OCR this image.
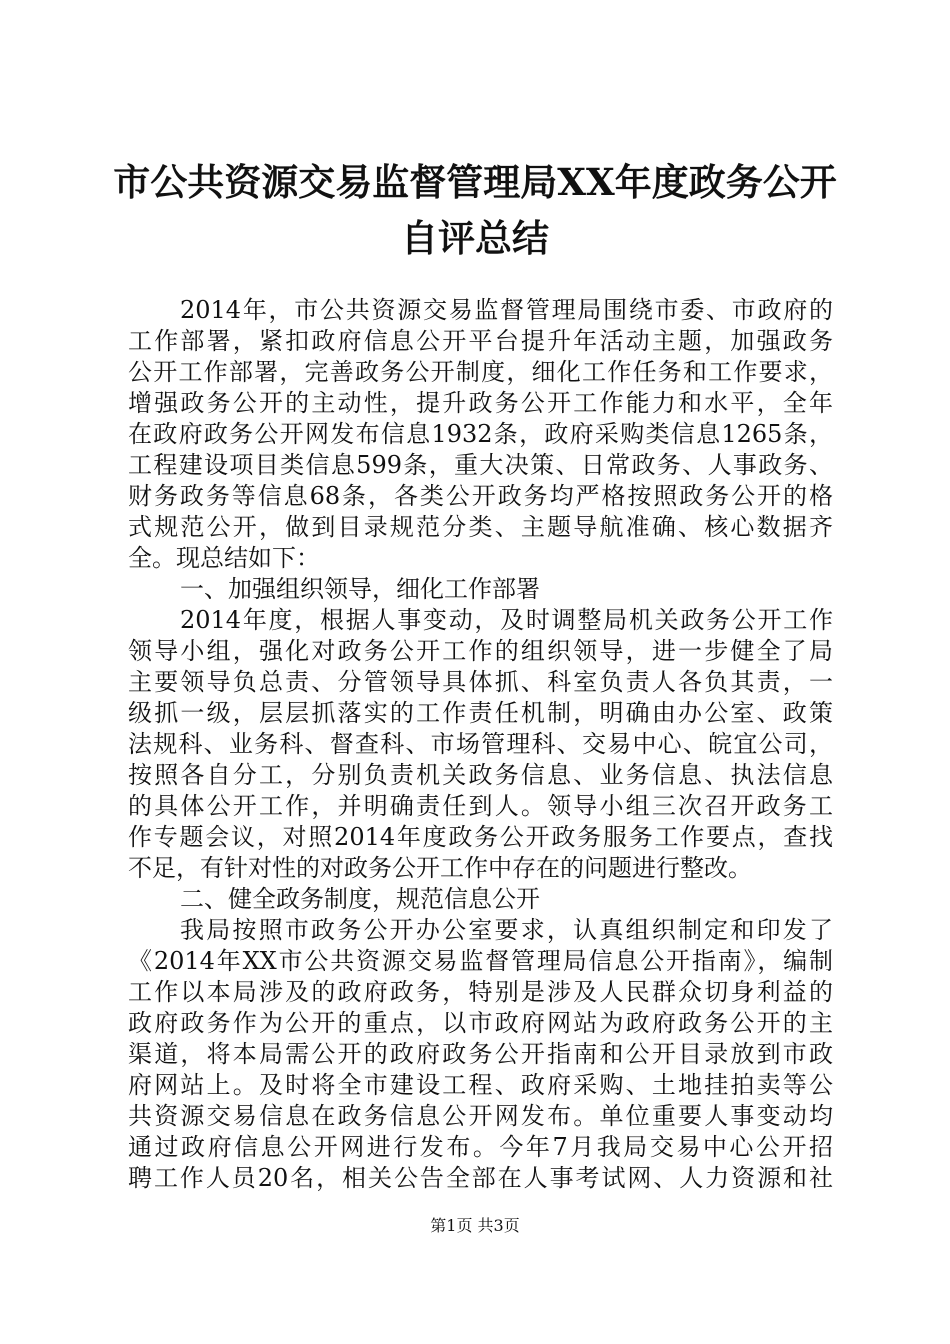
市公共资源交易监督管理局XX年度政务公开
自评总结
2014年，市公共资源交易监督管理局围绕市委、市政府的
工作部署，紧扣政府信息公开平台提升年活动主题，加强政务
公开工作部署，完善政务公开制度，细化工作任务和工作要求，
增强政务公开的主动性，提升政务公开工作能力和水平，全年
在政府政务公开网发布信息1932条，政府采购类信息1265条，
工程建设项目类信息599条，重大决策、日常政务、人事政务、
财务政务等信息68条，各类公开政务均严格按照政务公开的格
式规范公开，做到目录规范分类、主题导航准确、核心数据齐
全。现总结如下：
一、加强组织领导，细化工作部署
2014年度，根据人事变动，及时调整局机关政务公开工作
领导小组，强化对政务公开工作的组织领导，进一步健全了局
主要领导负总责、分管领导具体抓、科室负责人各负其责，一
级抓一级，层层抓落实的工作责任机制，明确由办公室、政策
法规科、业务科、督查科、市场管理科、交易中心、皖宜公司，
按照各自分工，分别负责机关政务信息、业务信息、执法信息
的具体公开工作，并明确责任到人。领导小组三次召开政务工
作专题会议，对照2014年度政务公开政务服务工作要点，查找
不足，有针对性的对政务公开工作中存在的问题进行整改。
二、健全政务制度，规范信息公开
我局按照市政务公开办公室要求，认真组织制定和印发了
《2014年XX市公共资源交易监督管理局信息公开指南》，编制
工作以本局涉及的政府政务，特别是涉及人民群众切身利益的
政府政务作为公开的重点，以市政府网站为政府政务公开的主
渠道，将本局需公开的政府政务公开指南和公开目录放到市政
府网站上。及时将全市建设工程、政府采购、土地挂拍卖等公
共资源交易信息在政务信息公开网发布。单位重要人事变动均
通过政府信息公开网进行发布。今年7月我局交易中心公开招
聘工作人员20名，相关公告全部在人事考试网、人力资源和社
第1页 共3页
